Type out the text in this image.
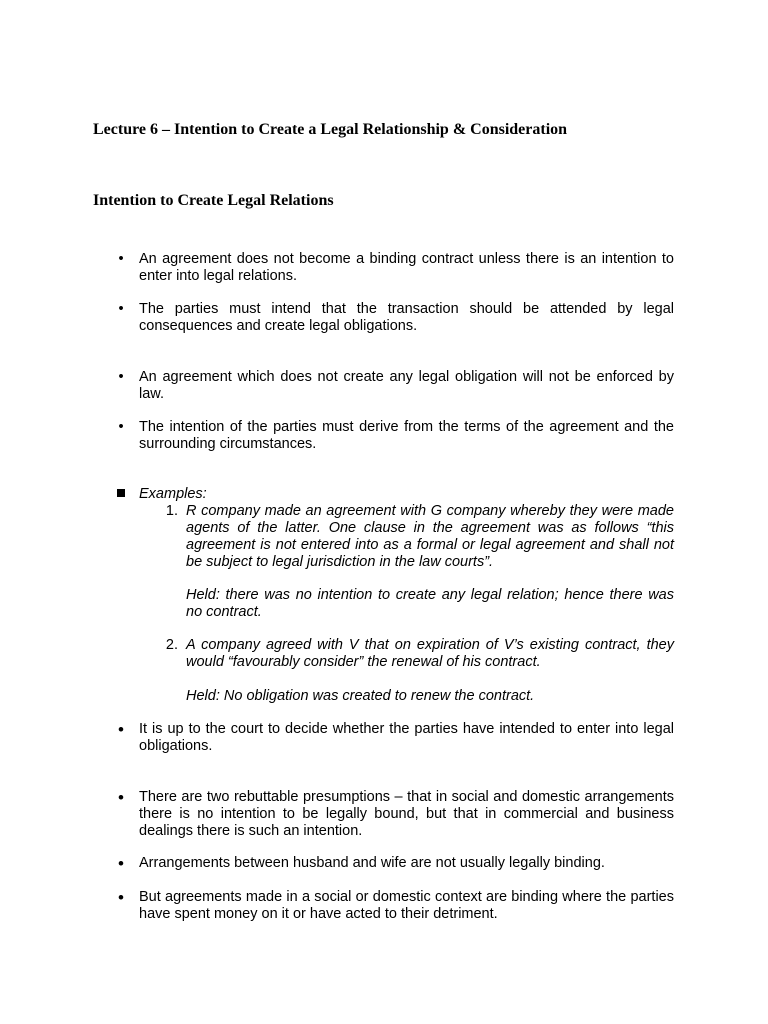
Lecture 6 – Intention to Create a Legal Relationship & Consideration
Intention to Create Legal Relations
• An agreement does not become a binding contract unless there is an intention to enter into legal relations.

• The parties must intend that the transaction should be attended by legal consequences and create legal obligations.

• An agreement which does not create any legal obligation will not be enforced by law.

• The intention of the parties must derive from the terms of the agreement and the surrounding circumstances.

Examples:

1. R company made an agreement with G company whereby they were made agents of the latter. One clause in the agreement was as follows “this agreement is not entered into as a formal or legal agreement and shall not be subject to legal jurisdiction in the law courts”.

Held: there was no intention to create any legal relation; hence there was no contract.

2. A company agreed with V that on expiration of V’s existing contract, they would “favourably consider” the renewal of his contract.

Held: No obligation was created to renew the contract.

• It is up to the court to decide whether the parties have intended to enter into legal obligations.

• There are two rebuttable presumptions – that in social and domestic arrangements there is no intention to be legally bound, but that in commercial and business dealings there is such an intention.

• Arrangements between husband and wife are not usually legally binding.

• But agreements made in a social or domestic context are binding where the parties have spent money on it or have acted to their detriment.
